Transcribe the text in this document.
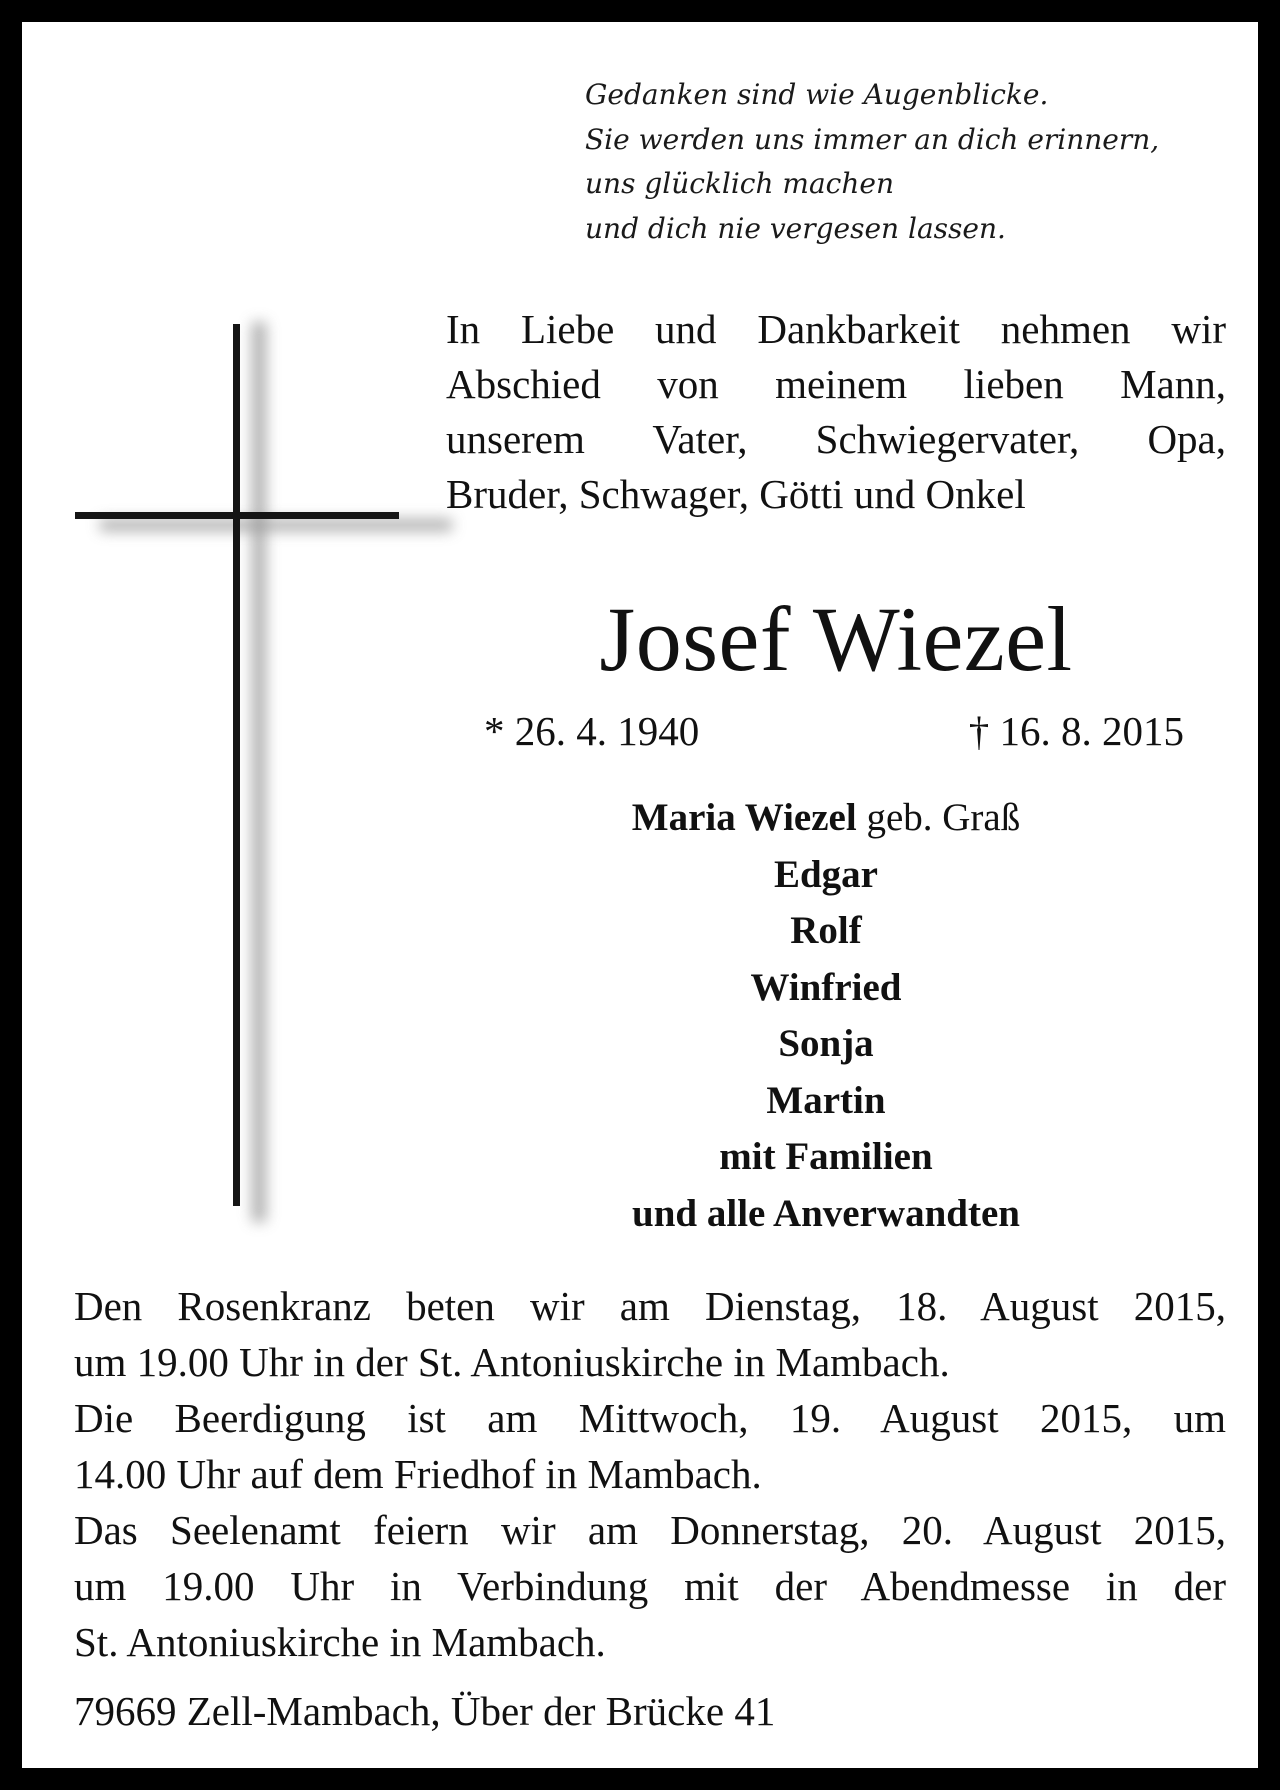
Gedanken sind wie Augenblicke.
Sie werden uns immer an dich erinnern,
uns glücklich machen
und dich nie vergesen lassen.
In Liebe und Dankbarkeit nehmen wir
Abschied von meinem lieben Mann,
unserem Vater, Schwiegervater, Opa,
Bruder, Schwager, Götti und Onkel
Josef Wiezel
* 26. 4. 1940	† 16. 8. 2015
Maria Wiezel geb. Graß
Edgar
Rolf
Winfried
Sonja
Martin
mit Familien
und alle Anverwandten
Den Rosenkranz beten wir am Dienstag, 18. August 2015,
um 19.00 Uhr in der St. Antoniuskirche in Mambach.
Die Beerdigung ist am Mittwoch, 19. August 2015, um
14.00 Uhr auf dem Friedhof in Mambach.
Das Seelenamt feiern wir am Donnerstag, 20. August 2015,
um 19.00 Uhr in Verbindung mit der Abendmesse in der
St. Antoniuskirche in Mambach.
79669 Zell-Mambach, Über der Brücke 41
